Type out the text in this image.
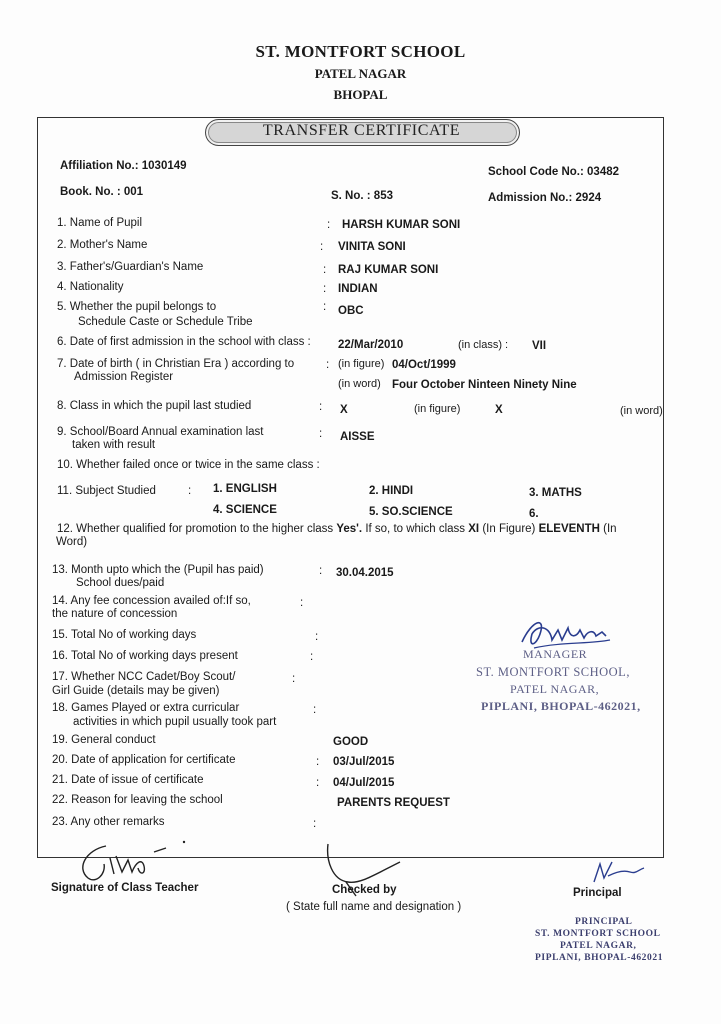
ST. MONTFORT SCHOOL
PATEL NAGAR
BHOPAL
TRANSFER CERTIFICATE
Affiliation No.: 1030149	School Code No.: 03482
Book. No. : 001	S. No. : 853	Admission No.: 2924
1. Name of Pupil	: HARSH KUMAR SONI
2. Mother's Name	: VINITA SONI
3. Father's/Guardian's Name	: RAJ KUMAR SONI
4. Nationality	: INDIAN
5. Whether the pupil belongs to
Schedule Caste or Schedule Tribe
: OBC
6. Date of first admission in the school with class : 22/Mar/2010	(in class) : VII
7. Date of birth ( in Christian Era ) according to
Admission Register
: (in figure) 04/Oct/1999
(in word) Four October Ninteen Ninety Nine
8. Class in which the pupil last studied	: X	(in figure)	X	(in word)
9. School/Board Annual examination last
taken with result
: AISSE
10. Whether failed once or twice in the same class :
11. Subject Studied	: 1. ENGLISH	2. HINDI	3. MATHS
4. SCIENCE	5. SO.SCIENCE	6.
12. Whether qualified for promotion to the higher class Yes'. If so, to which class XI (In Figure) ELEVENTH (In
Word)
13. Month upto which the (Pupil has paid)
School dues/paid
: 30.04.2015
14. Any fee concession availed of:If so,
the nature of concession
:
15. Total No of working days	:
16. Total No of working days present	:
17. Whether NCC Cadet/Boy Scout/
Girl Guide (details may be given)
:
18. Games Played or extra curricular
activities in which pupil usually took part
:
19. General conduct	GOOD
20. Date of application for certificate	: 03/Jul/2015
21. Date of issue of certificate	: 04/Jul/2015
22. Reason for leaving the school	PARENTS REQUEST
23. Any other remarks	:
William
MANAGER
ST. MONTFORT SCHOOL,
PATEL NAGAR,
PIPLANI, BHOPAL-462021,
Signature of Class Teacher	Checked by
( State full name and designation )
Principal
PRINCIPAL
ST. MONTFORT SCHOOL
PATEL NAGAR,
PIPLANI, BHOPAL-462021
